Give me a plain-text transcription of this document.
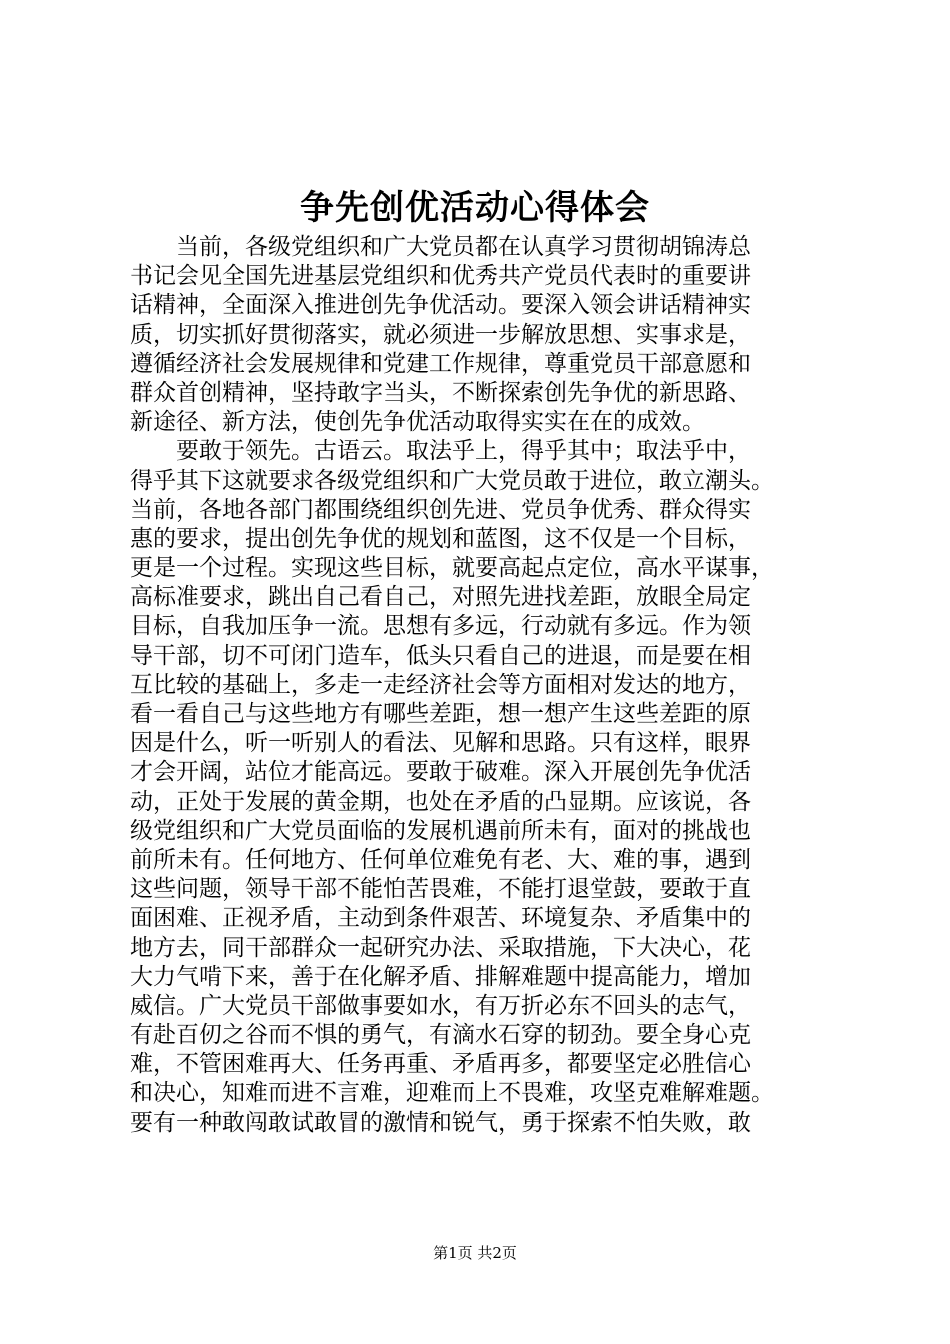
争先创优活动心得体会
　　当前，各级党组织和广大党员都在认真学习贯彻胡锦涛总
书记会见全国先进基层党组织和优秀共产党员代表时的重要讲
话精神，全面深入推进创先争优活动。要深入领会讲话精神实
质，切实抓好贯彻落实，就必须进一步解放思想、实事求是，
遵循经济社会发展规律和党建工作规律，尊重党员干部意愿和
群众首创精神，坚持敢字当头，不断探索创先争优的新思路、
新途径、新方法，使创先争优活动取得实实在在的成效。
　　要敢于领先。古语云。取法乎上，得乎其中；取法乎中，
得乎其下这就要求各级党组织和广大党员敢于进位，敢立潮头。
当前，各地各部门都围绕组织创先进、党员争优秀、群众得实
惠的要求，提出创先争优的规划和蓝图，这不仅是一个目标，
更是一个过程。实现这些目标，就要高起点定位，高水平谋事，
高标准要求，跳出自己看自己，对照先进找差距，放眼全局定
目标，自我加压争一流。思想有多远，行动就有多远。作为领
导干部，切不可闭门造车，低头只看自己的进退，而是要在相
互比较的基础上，多走一走经济社会等方面相对发达的地方，
看一看自己与这些地方有哪些差距，想一想产生这些差距的原
因是什么，听一听别人的看法、见解和思路。只有这样，眼界
才会开阔，站位才能高远。要敢于破难。深入开展创先争优活
动，正处于发展的黄金期，也处在矛盾的凸显期。应该说，各
级党组织和广大党员面临的发展机遇前所未有，面对的挑战也
前所未有。任何地方、任何单位难免有老、大、难的事，遇到
这些问题，领导干部不能怕苦畏难，不能打退堂鼓，要敢于直
面困难、正视矛盾，主动到条件艰苦、环境复杂、矛盾集中的
地方去，同干部群众一起研究办法、采取措施，下大决心，花
大力气啃下来，善于在化解矛盾、排解难题中提高能力，增加
威信。广大党员干部做事要如水，有万折必东不回头的志气，
有赴百仞之谷而不惧的勇气，有滴水石穿的韧劲。要全身心克
难，不管困难再大、任务再重、矛盾再多，都要坚定必胜信心
和决心，知难而进不言难，迎难而上不畏难，攻坚克难解难题。
要有一种敢闯敢试敢冒的激情和锐气，勇于探索不怕失败，敢
第1页 共2页
